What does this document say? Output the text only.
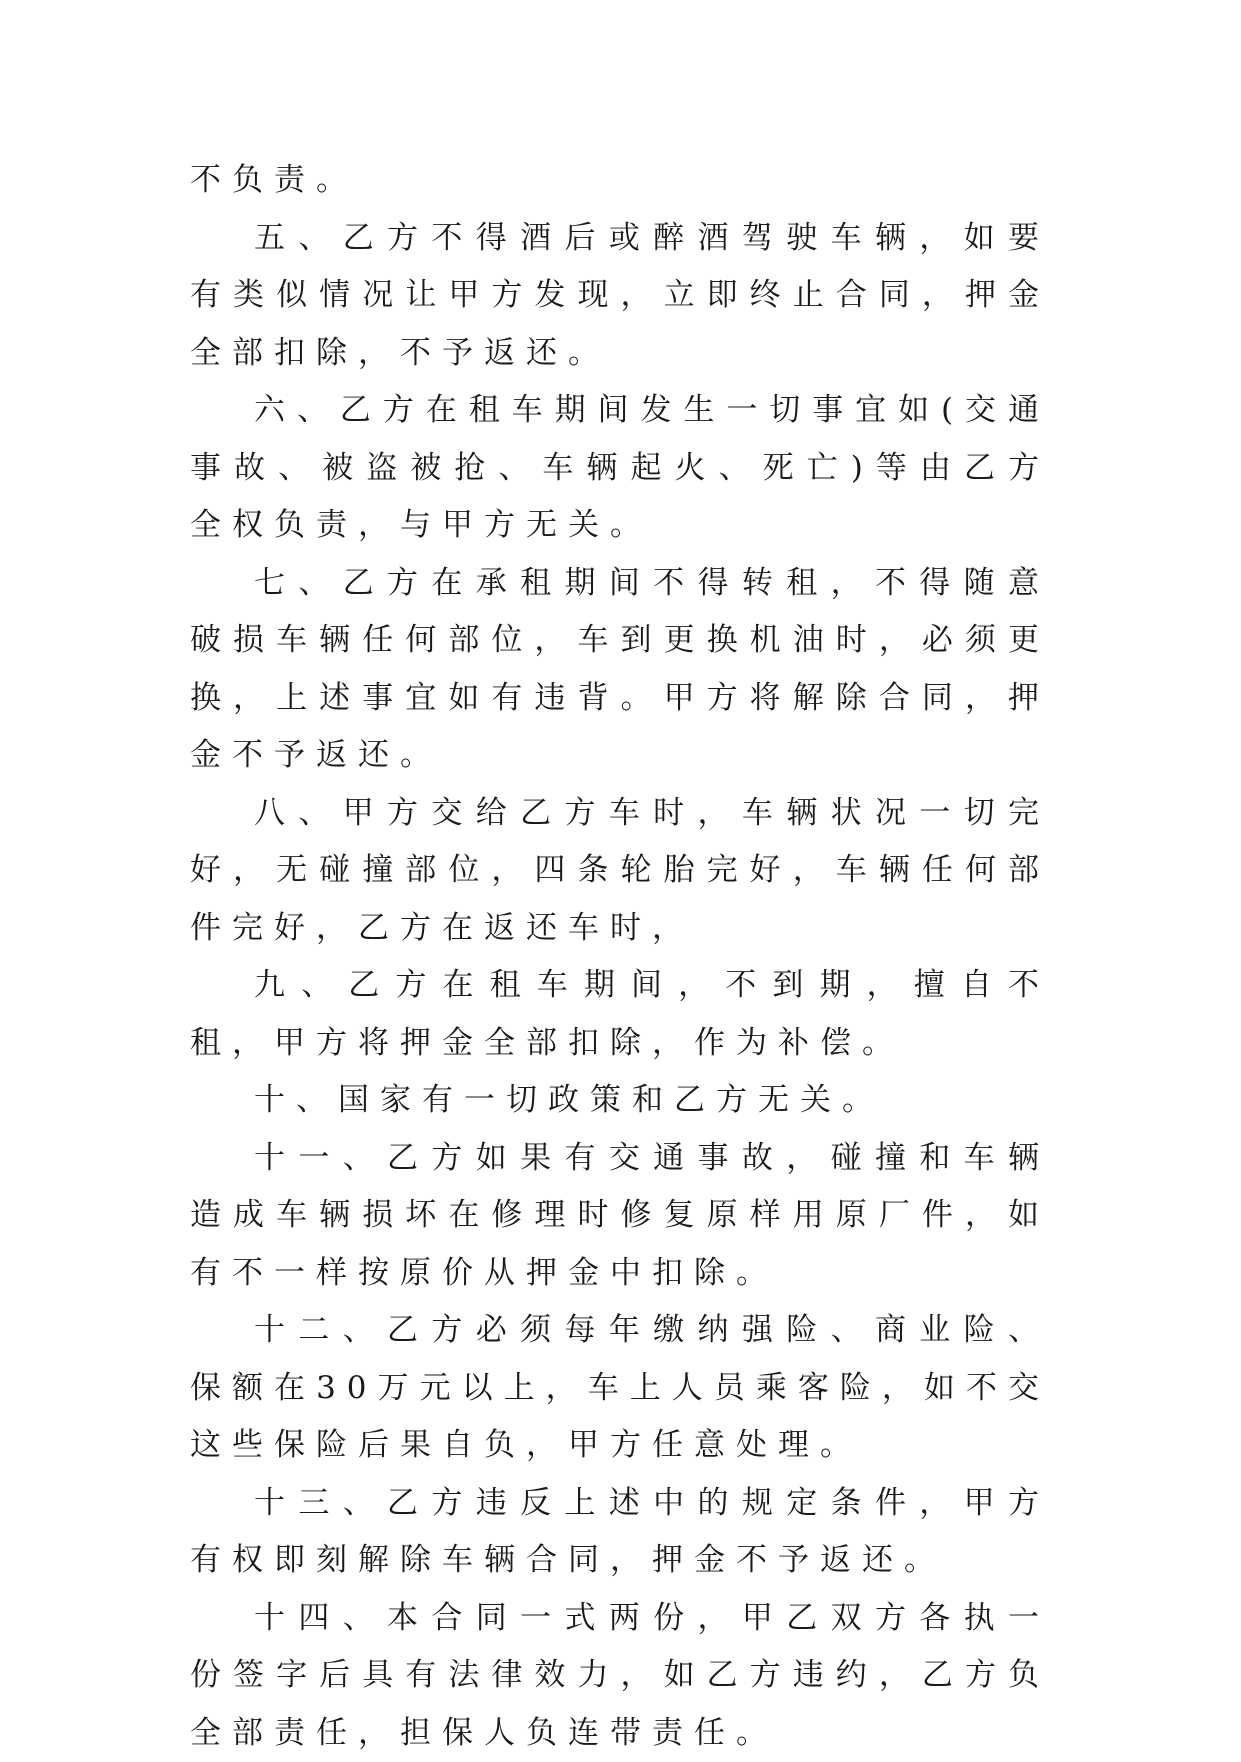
不负责。

五、乙方不得酒后或醉酒驾驶车辆，如要有类似情况让甲方发现，立即终止合同，押金全部扣除，不予返还。

六、乙方在租车期间发生一切事宜如(交通事故、被盗被抢、车辆起火、死亡)等由乙方全权负责，与甲方无关。

七、乙方在承租期间不得转租，不得随意破损车辆任何部位，车到更换机油时，必须更换，上述事宜如有违背。甲方将解除合同，押金不予返还。

八、甲方交给乙方车时，车辆状况一切完好，无碰撞部位，四条轮胎完好，车辆任何部件完好，乙方在返还车时，

九、乙方在租车期间，不到期，擅自不租，甲方将押金全部扣除，作为补偿。

十、国家有一切政策和乙方无关。

十一、乙方如果有交通事故，碰撞和车辆造成车辆损坏在修理时修复原样用原厂件，如有不一样按原价从押金中扣除。

十二、乙方必须每年缴纳强险、商业险、保额在30万元以上，车上人员乘客险，如不交这些保险后果自负，甲方任意处理。

十三、乙方违反上述中的规定条件，甲方有权即刻解除车辆合同，押金不予返还。

十四、本合同一式两份，甲乙双方各执一份签字后具有法律效力，如乙方违约，乙方负全部责任，担保人负连带责任。
